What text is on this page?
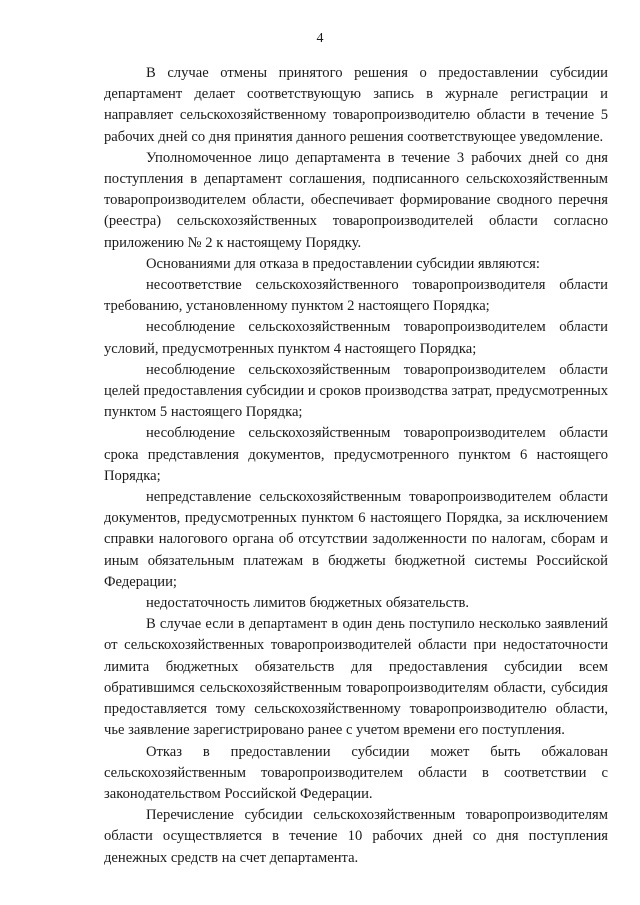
4

В случае отмены принятого решения о предоставлении субсидии департамент делает соответствующую запись в журнале регистрации и направляет сельскохозяйственному товаропроизводителю области в течение 5 рабочих дней со дня принятия данного решения соответствующее уведомление.

Уполномоченное лицо департамента в течение 3 рабочих дней со дня поступления в департамент соглашения, подписанного сельскохозяйственным товаропроизводителем области, обеспечивает формирование сводного перечня (реестра) сельскохозяйственных товаропроизводителей области согласно приложению № 2 к настоящему Порядку.

Основаниями для отказа в предоставлении субсидии являются:

несоответствие сельскохозяйственного товаропроизводителя области требованию, установленному пунктом 2 настоящего Порядка;

несоблюдение сельскохозяйственным товаропроизводителем области условий, предусмотренных пунктом 4 настоящего Порядка;

несоблюдение сельскохозяйственным товаропроизводителем области целей предоставления субсидии и сроков производства затрат, предусмотренных пунктом 5 настоящего Порядка;

несоблюдение сельскохозяйственным товаропроизводителем области срока представления документов, предусмотренного пунктом 6 настоящего Порядка;

непредставление сельскохозяйственным товаропроизводителем области документов, предусмотренных пунктом 6 настоящего Порядка, за исключением справки налогового органа об отсутствии задолженности по налогам, сборам и иным обязательным платежам в бюджеты бюджетной системы Российской Федерации;

недостаточность лимитов бюджетных обязательств.

В случае если в департамент в один день поступило несколько заявлений от сельскохозяйственных товаропроизводителей области при недостаточности лимита бюджетных обязательств для предоставления субсидии всем обратившимся сельскохозяйственным товаропроизводителям области, субсидия предоставляется тому сельскохозяйственному товаропроизводителю области, чье заявление зарегистрировано ранее с учетом времени его поступления.

Отказ в предоставлении субсидии может быть обжалован сельскохозяйственным товаропроизводителем области в соответствии с законодательством Российской Федерации.

Перечисление субсидии сельскохозяйственным товаропроизводителям области осуществляется в течение 10 рабочих дней со дня поступления денежных средств на счет департамента.
